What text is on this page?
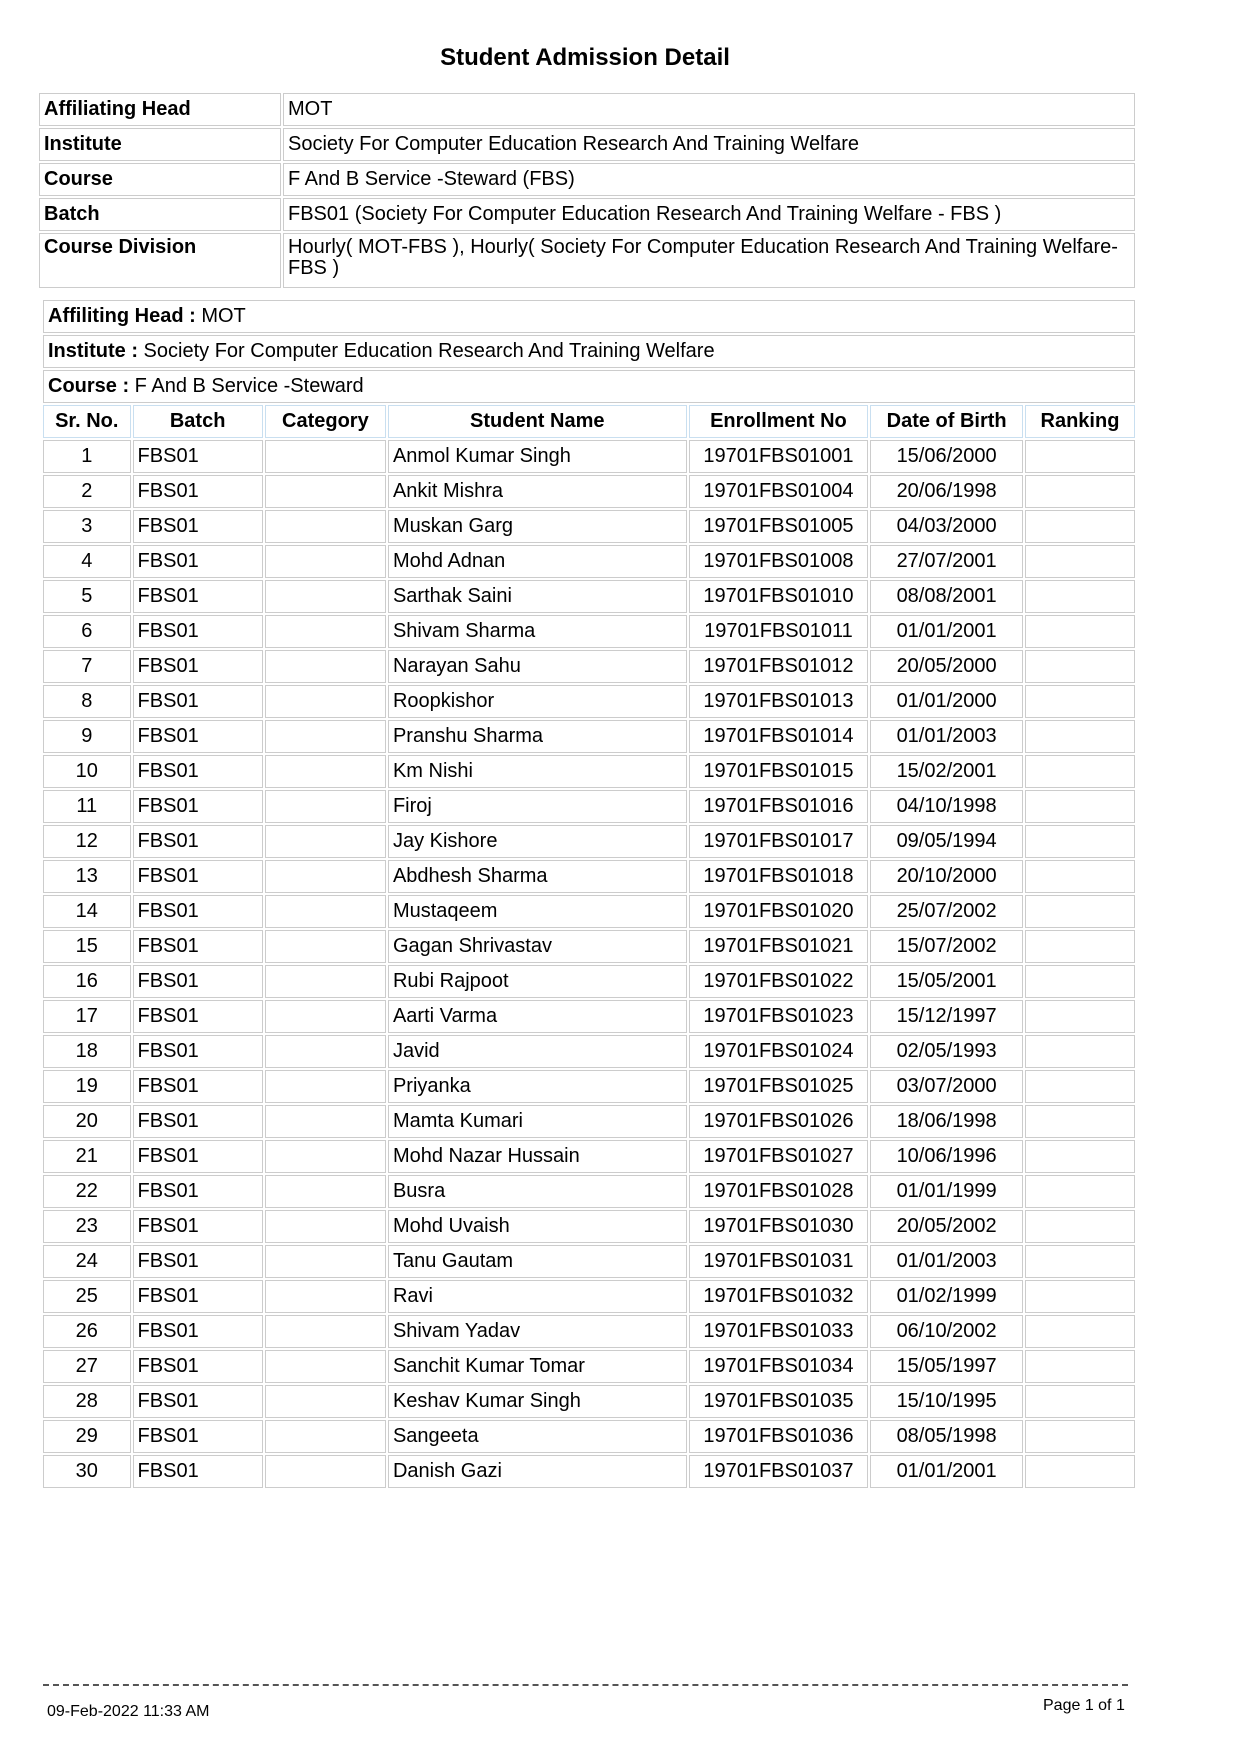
Student Admission Detail
Affiliating Head	MOT
Institute	Society For Computer Education Research And Training Welfare
Course	F And B Service -Steward (FBS)
Batch	FBS01 (Society For Computer Education Research And Training Welfare - FBS )
Course Division	Hourly( MOT-FBS ), Hourly( Society For Computer Education Research And Training Welfare-FBS )
Affiliting Head : MOT						
Institute : Society For Computer Education Research And Training Welfare						
Course : F And B Service -Steward						
Sr. No.	Batch	Category	Student Name	Enrollment No	Date of Birth	Ranking
1	FBS01		Anmol Kumar Singh	19701FBS01001	15/06/2000	
2	FBS01		Ankit Mishra	19701FBS01004	20/06/1998	
3	FBS01		Muskan Garg	19701FBS01005	04/03/2000	
4	FBS01		Mohd Adnan	19701FBS01008	27/07/2001	
5	FBS01		Sarthak Saini	19701FBS01010	08/08/2001	
6	FBS01		Shivam Sharma	19701FBS01011	01/01/2001	
7	FBS01		Narayan Sahu	19701FBS01012	20/05/2000	
8	FBS01		Roopkishor	19701FBS01013	01/01/2000	
9	FBS01		Pranshu Sharma	19701FBS01014	01/01/2003	
10	FBS01		Km Nishi	19701FBS01015	15/02/2001	
11	FBS01		Firoj	19701FBS01016	04/10/1998	
12	FBS01		Jay Kishore	19701FBS01017	09/05/1994	
13	FBS01		Abdhesh Sharma	19701FBS01018	20/10/2000	
14	FBS01		Mustaqeem	19701FBS01020	25/07/2002	
15	FBS01		Gagan Shrivastav	19701FBS01021	15/07/2002	
16	FBS01		Rubi Rajpoot	19701FBS01022	15/05/2001	
17	FBS01		Aarti Varma	19701FBS01023	15/12/1997	
18	FBS01		Javid	19701FBS01024	02/05/1993	
19	FBS01		Priyanka	19701FBS01025	03/07/2000	
20	FBS01		Mamta Kumari	19701FBS01026	18/06/1998	
21	FBS01		Mohd Nazar Hussain	19701FBS01027	10/06/1996	
22	FBS01		Busra	19701FBS01028	01/01/1999	
23	FBS01		Mohd Uvaish	19701FBS01030	20/05/2002	
24	FBS01		Tanu Gautam	19701FBS01031	01/01/2003	
25	FBS01		Ravi	19701FBS01032	01/02/1999	
26	FBS01		Shivam Yadav	19701FBS01033	06/10/2002	
27	FBS01		Sanchit Kumar Tomar	19701FBS01034	15/05/1997	
28	FBS01		Keshav Kumar Singh	19701FBS01035	15/10/1995	
29	FBS01		Sangeeta	19701FBS01036	08/05/1998	
30	FBS01		Danish Gazi	19701FBS01037	01/01/2001	
09-Feb-2022 11:33 AM	Page 1 of 1
